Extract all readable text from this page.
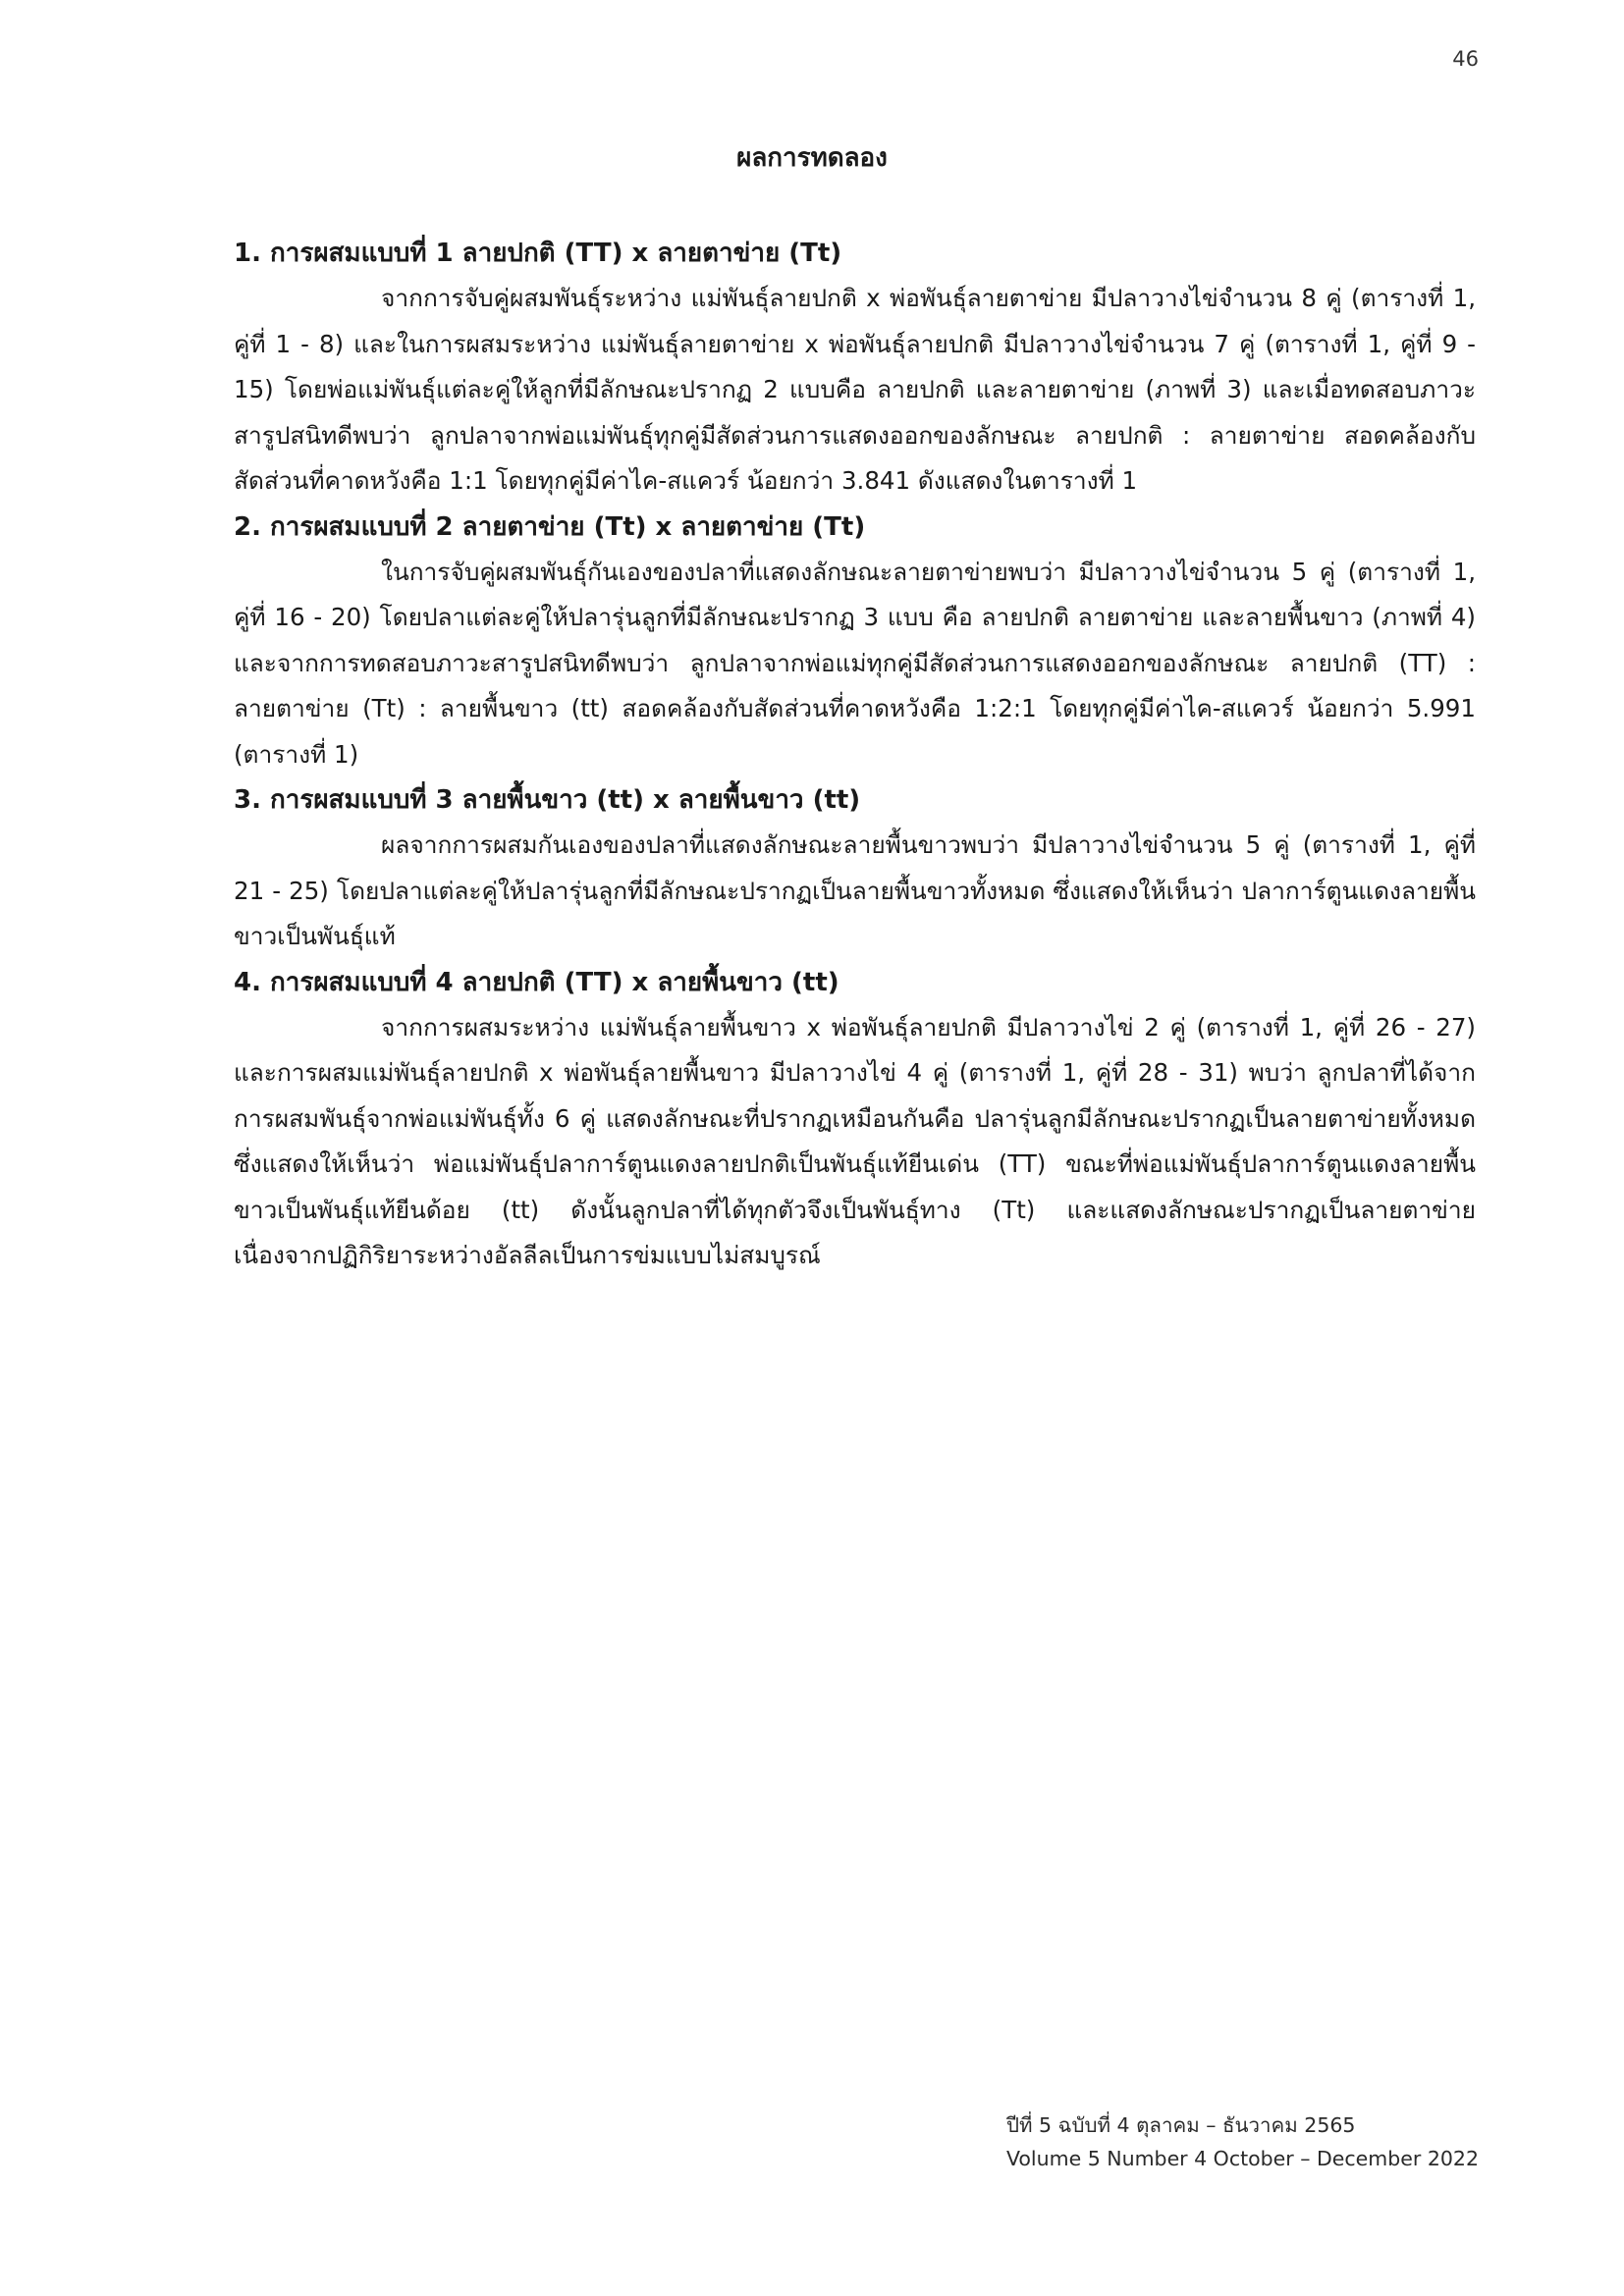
46
ผลการทดลอง

1. การผสมแบบที่ 1 ลายปกติ (TT) x ลายตาข่าย (Tt)

จากการจับคู่ผสมพันธุ์ระหว่าง แม่พันธุ์ลายปกติ x พ่อพันธุ์ลายตาข่าย มีปลาวางไข่จำนวน 8 คู่ (ตารางที่ 1, คู่ที่ 1 - 8) และในการผสมระหว่าง แม่พันธุ์ลายตาข่าย x พ่อพันธุ์ลายปกติ มีปลาวางไข่จำนวน 7 คู่ (ตารางที่ 1, คู่ที่ 9 - 15) โดยพ่อแม่พันธุ์แต่ละคู่ให้ลูกที่มีลักษณะปรากฏ 2 แบบคือ ลายปกติ และลายตาข่าย (ภาพที่ 3) และเมื่อทดสอบภาวะสารูปสนิทดีพบว่า ลูกปลาจากพ่อแม่พันธุ์ทุกคู่มีสัดส่วนการแสดงออกของลักษณะ ลายปกติ : ลายตาข่าย สอดคล้องกับสัดส่วนที่คาดหวังคือ 1:1 โดยทุกคู่มีค่าไค-สแควร์ น้อยกว่า 3.841 ดังแสดงในตารางที่ 1

2. การผสมแบบที่ 2 ลายตาข่าย (Tt) x ลายตาข่าย (Tt)

ในการจับคู่ผสมพันธุ์กันเองของปลาที่แสดงลักษณะลายตาข่ายพบว่า มีปลาวางไข่จำนวน 5 คู่ (ตารางที่ 1, คู่ที่ 16 - 20) โดยปลาแต่ละคู่ให้ปลารุ่นลูกที่มีลักษณะปรากฏ 3 แบบ คือ ลายปกติ ลายตาข่าย และลายพื้นขาว (ภาพที่ 4) และจากการทดสอบภาวะสารูปสนิทดีพบว่า ลูกปลาจากพ่อแม่ทุกคู่มีสัดส่วนการแสดงออกของลักษณะ ลายปกติ (TT) : ลายตาข่าย (Tt) : ลายพื้นขาว (tt) สอดคล้องกับสัดส่วนที่คาดหวังคือ 1:2:1 โดยทุกคู่มีค่าไค-สแควร์ น้อยกว่า 5.991 (ตารางที่ 1)

3. การผสมแบบที่ 3 ลายพื้นขาว (tt) x ลายพื้นขาว (tt)

ผลจากการผสมกันเองของปลาที่แสดงลักษณะลายพื้นขาวพบว่า มีปลาวางไข่จำนวน 5 คู่ (ตารางที่ 1, คู่ที่ 21 - 25) โดยปลาแต่ละคู่ให้ปลารุ่นลูกที่มีลักษณะปรากฏเป็นลายพื้นขาวทั้งหมด ซึ่งแสดงให้เห็นว่า ปลาการ์ตูนแดงลายพื้นขาวเป็นพันธุ์แท้

4. การผสมแบบที่ 4 ลายปกติ (TT) x ลายพื้นขาว (tt)

จากการผสมระหว่าง แม่พันธุ์ลายพื้นขาว x พ่อพันธุ์ลายปกติ มีปลาวางไข่ 2 คู่ (ตารางที่ 1, คู่ที่ 26 - 27) และการผสมแม่พันธุ์ลายปกติ x พ่อพันธุ์ลายพื้นขาว มีปลาวางไข่ 4 คู่ (ตารางที่ 1, คู่ที่ 28 - 31) พบว่า ลูกปลาที่ได้จากการผสมพันธุ์จากพ่อแม่พันธุ์ทั้ง 6 คู่ แสดงลักษณะที่ปรากฏเหมือนกันคือ ปลารุ่นลูกมีลักษณะปรากฏเป็นลายตาข่ายทั้งหมด ซึ่งแสดงให้เห็นว่า พ่อแม่พันธุ์ปลาการ์ตูนแดงลายปกติเป็นพันธุ์แท้ยีนเด่น (TT) ขณะที่พ่อแม่พันธุ์ปลาการ์ตูนแดงลายพื้นขาวเป็นพันธุ์แท้ยีนด้อย (tt) ดังนั้นลูกปลาที่ได้ทุกตัวจึงเป็นพันธุ์ทาง (Tt) และแสดงลักษณะปรากฏเป็นลายตาข่าย เนื่องจากปฏิกิริยาระหว่างอัลลีลเป็นการข่มแบบไม่สมบูรณ์

ปีที่ 5 ฉบับที่ 4 ตุลาคม – ธันวาคม 2565
Volume 5 Number 4 October – December 2022
